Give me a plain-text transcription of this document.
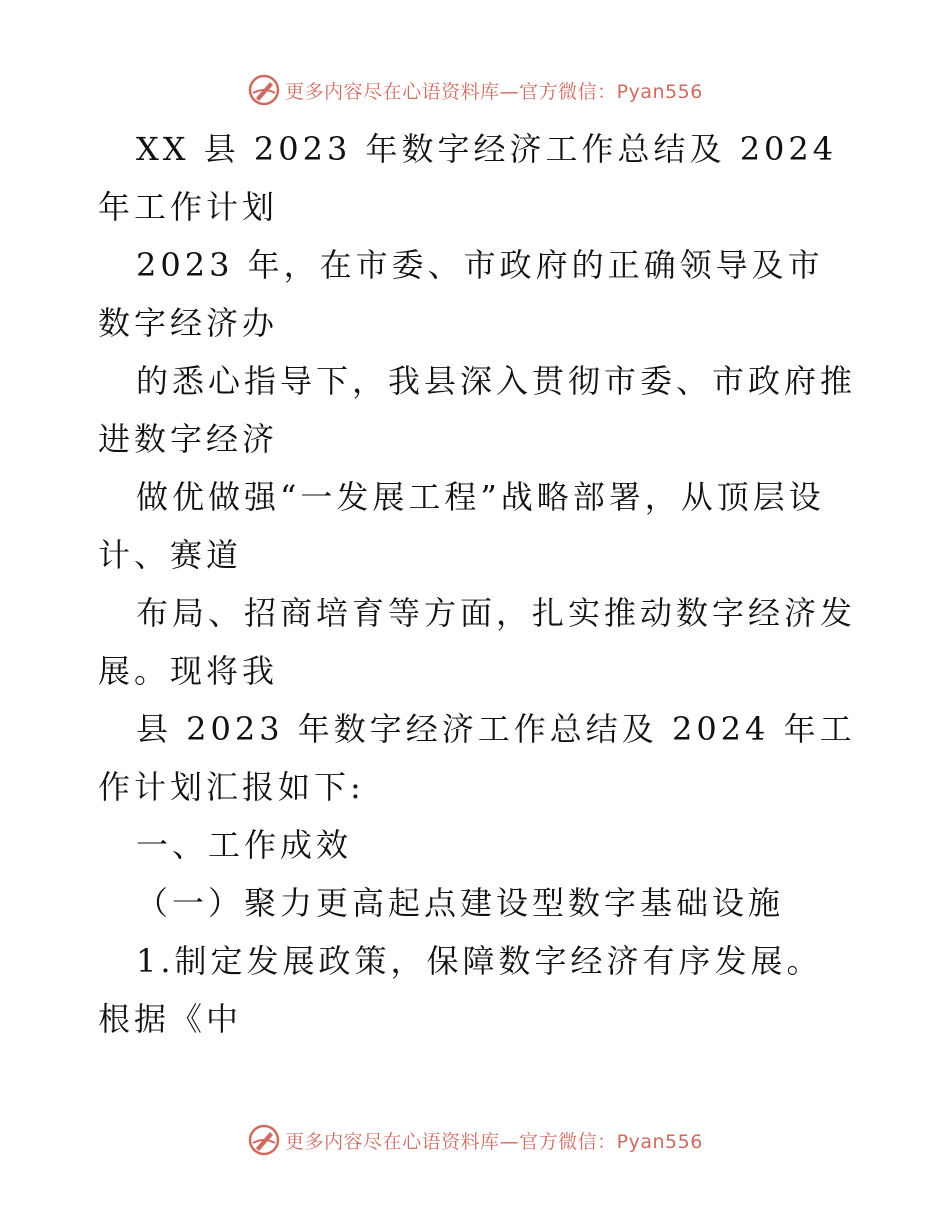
更多内容尽在心语资料库—官方微信：Pyan556

XX 县 2023 年数字经济工作总结及 2024 年工作计划

2023 年，在市委、市政府的正确领导及市数字经济办

的悉心指导下，我县深入贯彻市委、市政府推进数字经济

做优做强“一发展工程”战略部署，从顶层设计、赛道

布局、招商培育等方面，扎实推动数字经济发展。现将我

县 2023 年数字经济工作总结及 2024 年工作计划汇报如下:

一、工作成效

（一）聚力更高起点建设型数字基础设施

1.制定发展政策，保障数字经济有序发展。根据《中

更多内容尽在心语资料库—官方微信：Pyan556
